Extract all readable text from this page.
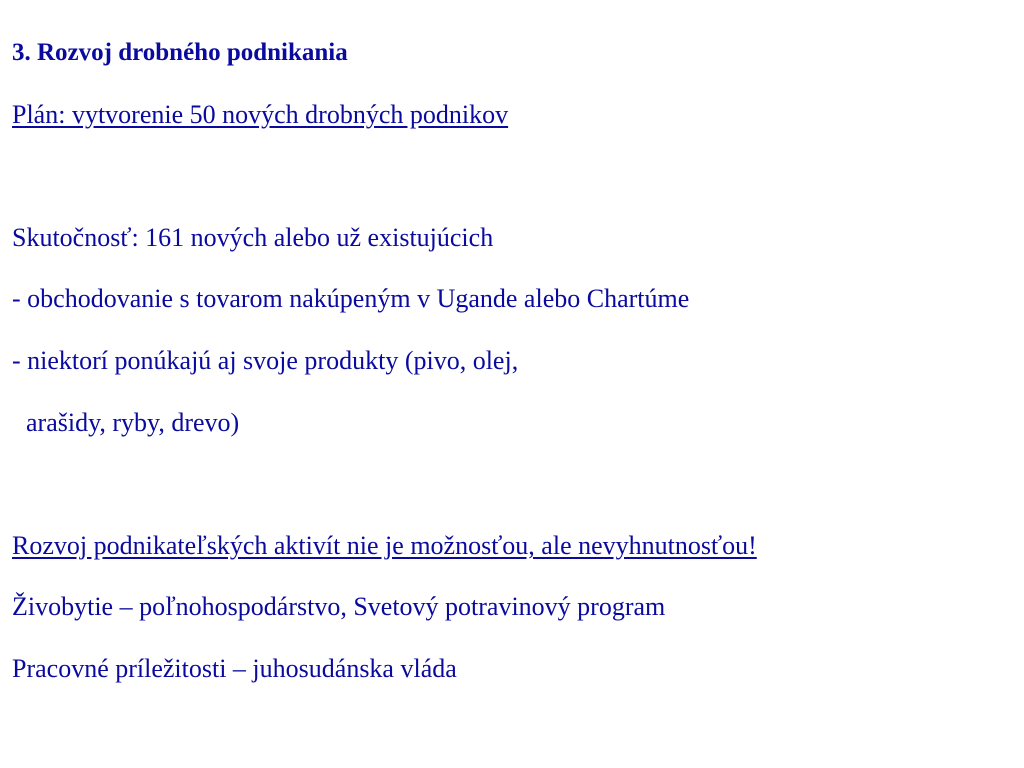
3. Rozvoj drobného podnikania
Plán: vytvorenie 50 nových drobných podnikov
Skutočnosť: 161 nových alebo už existujúcich
- obchodovanie s tovarom nakúpeným v Ugande alebo Chartúme
- niektorí ponúkajú aj svoje produkty (pivo, olej,
arašidy, ryby, drevo)
Rozvoj podnikateľských aktivít nie je možnosťou, ale nevyhnutnosťou!
Živobytie – poľnohospodárstvo, Svetový potravinový program
Pracovné príležitosti – juhosudánska vláda
